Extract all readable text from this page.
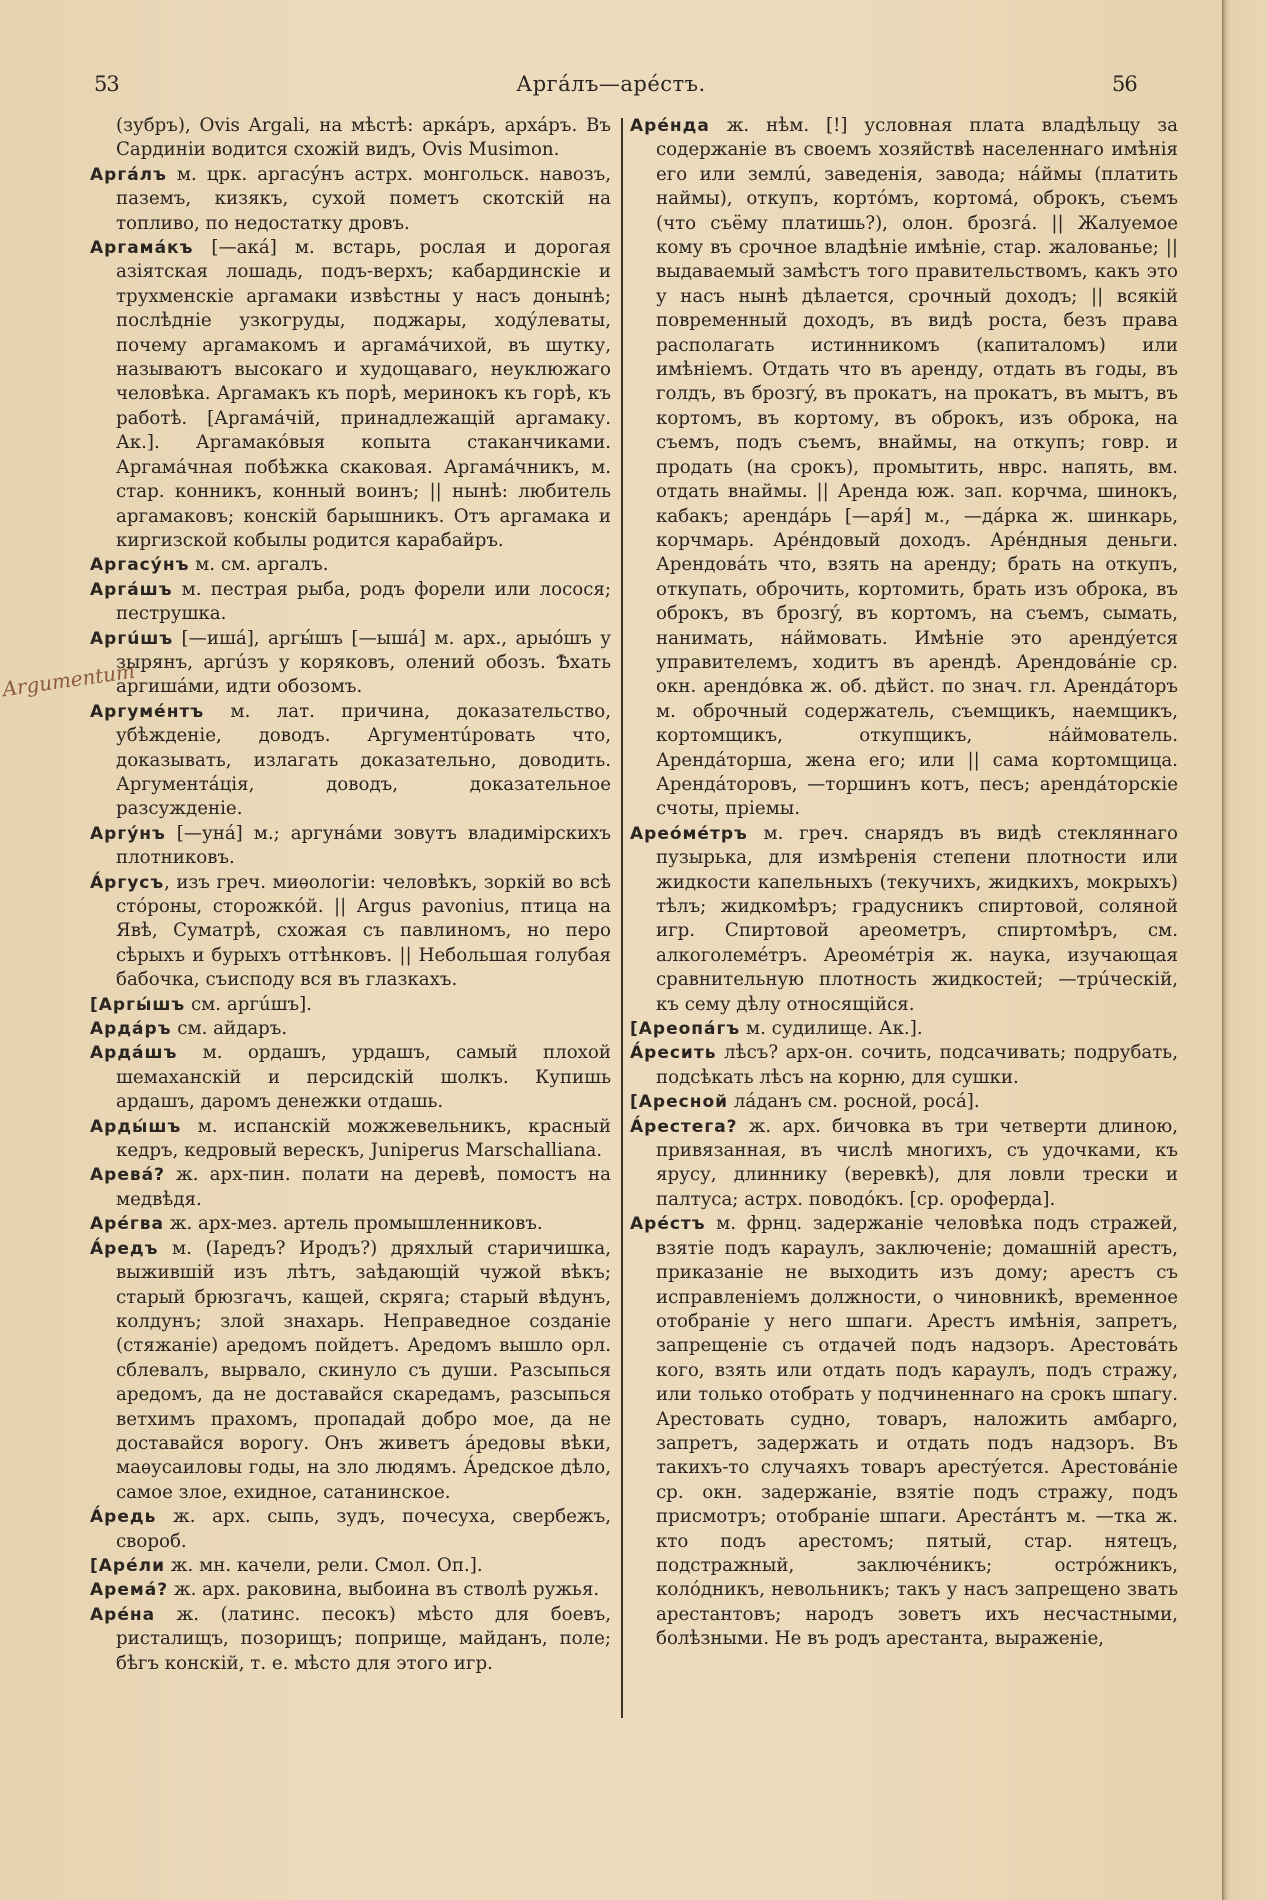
53	Аргáлъ—арéстъ.	56

(зубръ), Ovis Argali, на мѣстѣ: аркáръ, архáръ. Въ Сардиніи водится схожій видъ, Ovis Musimon.

Аргáлъ м. црк. аргасýнъ астрх. монгольск. навозъ, паземъ, кизякъ, сухой пометъ скотскій на топливо, по недостатку дровъ.

Аргамáкъ [—акá] м. встарь, рослая и дорогая азіятская лошадь, подъ-верхъ; кабардинскіе и трухменскіе аргамаки извѣстны у насъ донынѣ; послѣдніе узкогруды, поджары, ходýлеваты, почему аргамакомъ и аргамáчихой, въ шутку, называютъ высокаго и худощаваго, неуклюжаго человѣка. Аргамакъ къ порѣ, меринокъ къ горѣ, къ работѣ. [Аргамáчій, принадлежащій аргамаку. Ак.]. Аргамакóвыя копыта стаканчиками. Аргамáчная побѣжка скаковая. Аргамáчникъ, м. стар. конникъ, конный воинъ; || нынѣ: любитель аргамаковъ; конскій барышникъ. Отъ аргамака и киргизской кобылы родится карабайръ.

Аргасýнъ м. см. аргалъ.

Аргáшъ м. пестрая рыба, родъ форели или лосося; пеструшка.

Аргúшъ [—ишá], аргы́шъ [—ышá] м. арх., арыóшъ у зырянъ, аргúзъ у коряковъ, олений обозъ. Ѣхать аргишáми, идти обозомъ.

Аргумéнтъ м. лат. причина, доказательство, убѣжденіе, доводъ. Аргументúровать что, доказывать, излагать доказательно, доводить. Аргументáція, доводъ, доказательное разсужденіе.

Аргýнъ [—унá] м.; аргунáми зовутъ владимірскихъ плотниковъ.

А́ргусъ, изъ греч. миѳологіи: человѣкъ, зоркій во всѣ стóроны, сторожкóй. || Argus pavonius, птица на Явѣ, Суматрѣ, схожая съ павлиномъ, но перо сѣрыхъ и бурыхъ оттѣнковъ. || Небольшая голубая бабочка, съисподу вся въ глазкахъ.

[Аргы́шъ см. аргúшъ].

Ардáръ см. айдаръ.

Ардáшъ м. ордашъ, урдашъ, самый плохой шемаханскій и персидскій шолкъ. Купишь ардашъ, даромъ денежки отдашь.

Арды́шъ м. испанскій можжевельникъ, красный кедръ, кедровый верескъ, Juniperus Marschalliana.

Аревá? ж. арх-пин. полати на деревѣ, помостъ на медвѣдя.

Арéгва ж. арх-мез. артель промышленниковъ.

А́редъ м. (Іаредъ? Иродъ?) дряхлый старичишка, выжившій изъ лѣтъ, заѣдающій чужой вѣкъ; старый брюзгачъ, кащей, скряга; старый вѣдунъ, колдунъ; злой знахарь. Неправедное созданіе (стяжаніе) аредомъ пойдетъ. Аредомъ вышло орл. сблевалъ, вырвало, скинуло съ души. Разсыпься аредомъ, да не доставайся скаредамъ, разсыпься ветхимъ прахомъ, пропадай добро мое, да не доставайся ворогу. Онъ живетъ áредовы вѣки, маѳусаиловы годы, на зло людямъ. А́редское дѣло, самое злое, ехидное, сатанинское.

А́редь ж. арх. сыпь, зудъ, почесуха, свербежъ, свороб.

[Арéли ж. мн. качели, рели. Смол. Оп.].

Аремá? ж. арх. раковина, выбоина въ стволѣ ружья.

Арéна ж. (латинс. песокъ) мѣсто для боевъ, ристалищъ, позорищъ; поприще, майданъ, поле; бѣгъ конскій, т. е. мѣсто для этого игр.

Арéнда ж. нѣм. [!] условная плата владѣльцу за содержаніе въ своемъ хозяйствѣ населеннаго имѣнія его или землú, заведенія, завода; нáймы (платить наймы), откупъ, кортóмъ, кортомá, оброкъ, съемъ (что съёму платишь?), олон. брозгá. || Жалуемое кому въ срочное владѣніе имѣніе, стар. жалованье; || выдаваемый замѣстъ того правительствомъ, какъ это у насъ нынѣ дѣлается, срочный доходъ; || всякій повременный доходъ, въ видѣ роста, безъ права располагать истинникомъ (капиталомъ) или имѣніемъ. Отдать что въ аренду, отдать въ годы, въ голдъ, въ брозгý, въ прокатъ, на прокатъ, въ мытъ, въ кортомъ, въ кортому, въ оброкъ, изъ оброка, на съемъ, подъ съемъ, внаймы, на откупъ; говр. и продать (на срокъ), промытить, нврс. напять, вм. отдать внаймы. || Аренда юж. зап. корчма, шинокъ, кабакъ; арендáрь [—аря́] м., —дáрка ж. шинкарь, корчмарь. Арéндовый доходъ. Арéндныя деньги. Арендовáть что, взять на аренду; брать на откупъ, откупать, оброчить, кортомить, брать изъ оброка, въ оброкъ, въ брозгý, въ кортомъ, на съемъ, сымать, нанимать, нáймовать. Имѣніе это арендýется управителемъ, ходитъ въ арендѣ. Арендовáніе ср. окн. арендóвка ж. об. дѣйст. по знач. гл. Арендáторъ м. оброчный содержатель, съемщикъ, наемщикъ, кортомщикъ, откупщикъ, нáймователь. Арендáторша, жена его; или || сама кортомщица. Арендáторовъ, —торшинъ котъ, песъ; арендáторскіе счоты, пріемы.

Ареóмéтръ м. греч. снарядъ въ видѣ стекляннаго пузырька, для измѣренія степени плотности или жидкости капельныхъ (текучихъ, жидкихъ, мокрыхъ) тѣлъ; жидкомѣръ; градусникъ спиртовой, соляной игр. Спиртовой ареометръ, спиртомѣръ, см. алкоголемéтръ. Ареомéтрія ж. наука, изучающая сравнительную плотность жидкостей; —трúческій, къ сему дѣлу относящійся.

[Ареопáгъ м. судилище. Ак.].

А́ресить лѣсъ? арх-он. сочить, подсачивать; подрубать, подсѣкать лѣсъ на корню, для сушки.

[Аресной лáданъ см. росной, росá].

А́рестега? ж. арх. бичовка въ три четверти длиною, привязанная, въ числѣ многихъ, съ удочками, къ ярусу, длиннику (веревкѣ), для ловли трески и палтуса; астрх. поводóкъ. [ср. ороферда].

Арéстъ м. фрнц. задержаніе человѣка подъ стражей, взятіе подъ караулъ, заключеніе; домашній арестъ, приказаніе не выходить изъ дому; арестъ съ исправленіемъ должности, о чиновникѣ, временное отобраніе у него шпаги. Арестъ имѣнія, запретъ, запрещеніе съ отдачей подъ надзоръ. Арестовáть кого, взять или отдать подъ караулъ, подъ стражу, или только отобрать у подчиненнаго на срокъ шпагу. Арестовать судно, товаръ, наложить амбарго, запретъ, задержать и отдать подъ надзоръ. Въ такихъ-то случаяхъ товаръ арестýется. Арестовáніе ср. окн. задержаніе, взятіе подъ стражу, подъ присмотръ; отобраніе шпаги. Арестáнтъ м. —тка ж. кто подъ арестомъ; пятый, стар. нятецъ, подстражный, заключéникъ; острóжникъ, колóдникъ, невольникъ; такъ у насъ запрещено звать арестантовъ; народъ зоветъ ихъ несчастными, болѣзными. Не въ родъ арестанта, выраженіе,

Argumentum
